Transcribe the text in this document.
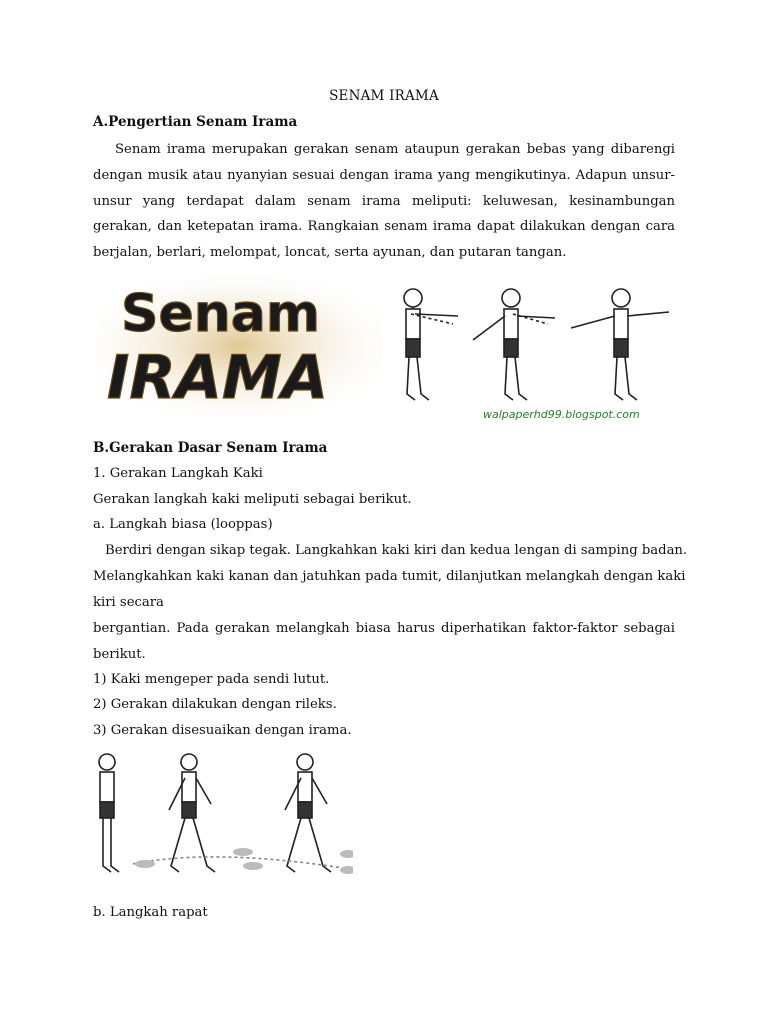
SENAM IRAMA
A.Pengertian Senam Irama

Senam irama merupakan gerakan senam ataupun gerakan bebas yang dibarengi dengan musik atau nyanyian sesuai dengan irama yang mengikutinya. Adapun unsur-unsur yang terdapat dalam senam irama meliputi: keluwesan, kesinambungan gerakan, dan ketepatan irama. Rangkaian senam irama dapat dilakukan dengan cara berjalan, berlari, melompat, loncat, serta ayunan, dan putaran tangan.

Senam
IRAMA
walpaperhd99.blogspot.com
B.Gerakan Dasar Senam Irama
1. Gerakan Langkah Kaki
Gerakan langkah kaki meliputi sebagai berikut.
a. Langkah biasa (looppas)
Berdiri dengan sikap tegak. Langkahkan kaki kiri dan kedua lengan di samping badan.
Melangkahkan kaki kanan dan jatuhkan pada tumit, dilanjutkan melangkah dengan kaki
kiri secara

bergantian. Pada gerakan melangkah biasa harus diperhatikan faktor-faktor sebagai berikut.

1) Kaki mengeper pada sendi lutut.
2) Gerakan dilakukan dengan rileks.
3) Gerakan disesuaikan dengan irama.
b. Langkah rapat
